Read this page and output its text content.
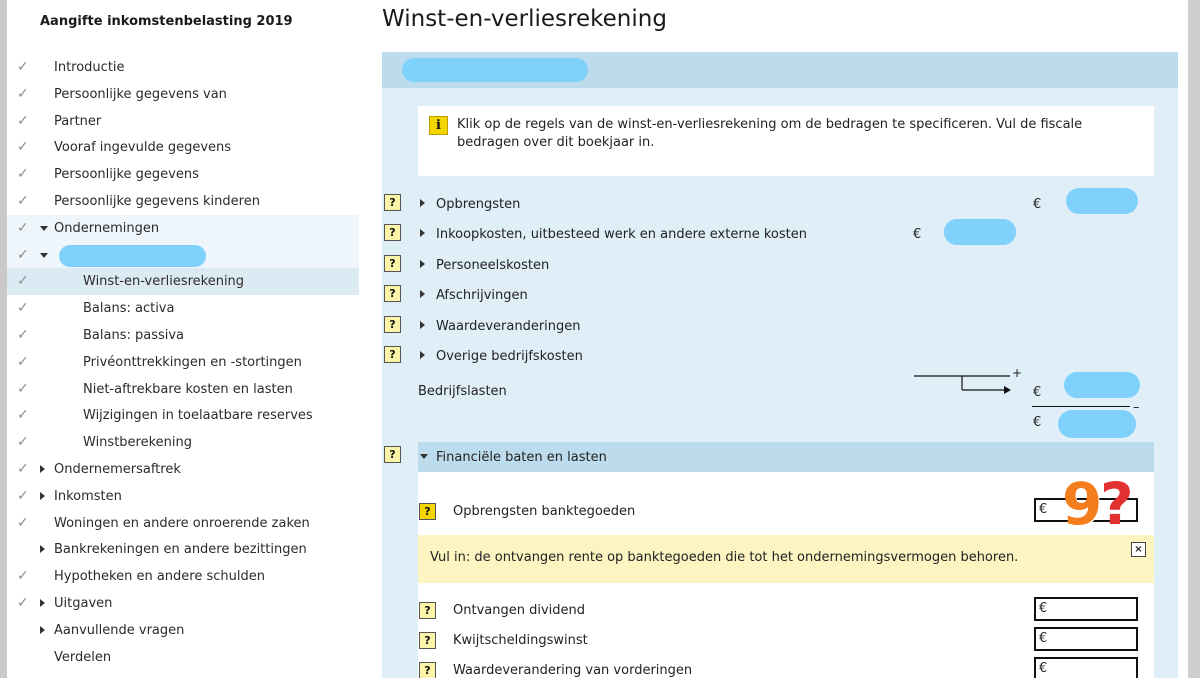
Aangifte inkomstenbelasting 2019
✓ Introductie
✓ Persoonlijke gegevens van
✓ Partner
✓ Vooraf ingevulde gegevens
✓ Persoonlijke gegevens
✓ Persoonlijke gegevens kinderen
✓ Ondernemingen
✓
✓	Winst-en-verliesrekening
✓	Balans: activa
✓	Balans: passiva
✓	Privéonttrekkingen en -stortingen
✓	Niet-aftrekbare kosten en lasten
✓	Wijzigingen in toelaatbare reserves
✓	Winstberekening
✓ Ondernemersaftrek
✓ Inkomsten
✓ Woningen en andere onroerende zaken
Bankrekeningen en andere bezittingen
✓ Hypotheken en andere schulden
✓ Uitgaven
Aanvullende vragen
Verdelen
Winst-en-verliesrekening
i	Klik op de regels van de winst-en-verliesrekening om de bedragen te specificeren. Vul de fiscale bedragen over dit boekjaar in.
?	Opbrengsten	€
?	Inkoopkosten, uitbesteed werk en andere externe kosten	€
?	Personeelskosten
?	Afschrijvingen
?	Waardeveranderingen
?	Overige bedrijfskosten
Bedrijfslasten
+
€
–
€
?	Financiële baten en lasten
?	Opbrengsten banktegoeden	€
Vul in: de ontvangen rente op banktegoeden die tot het ondernemingsvermogen behoren.
×
?	Ontvangen dividend	€
?	Kwijtscheldingswinst	€
?	Waardeverandering van vorderingen	€
9
?
